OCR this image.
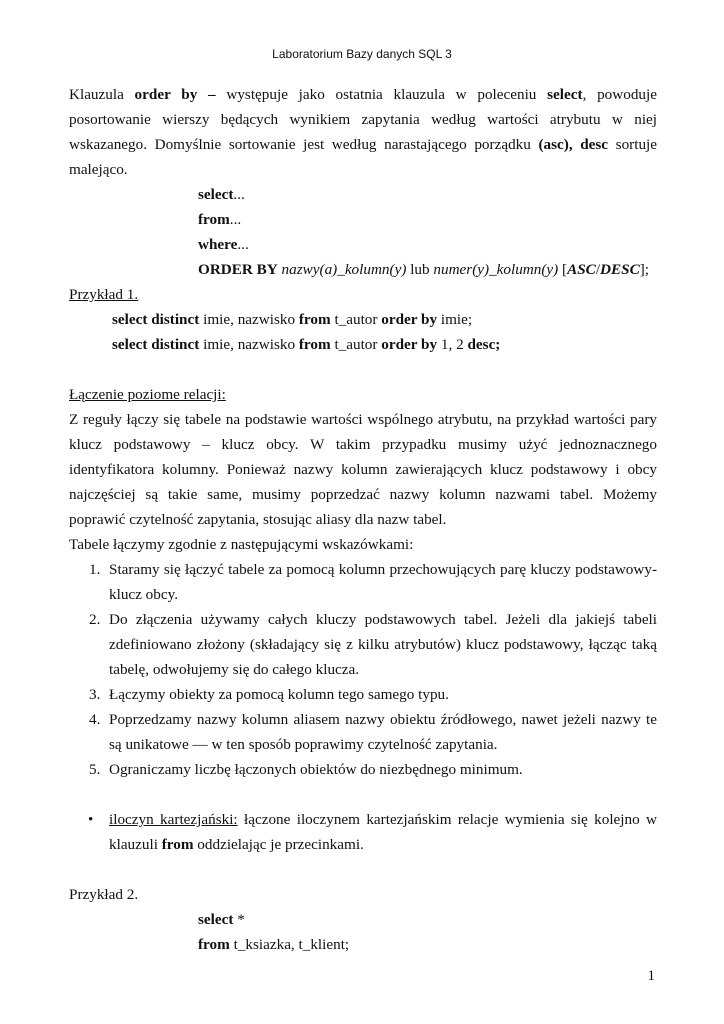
Laboratorium Bazy danych SQL 3

Klauzula order by – występuje jako ostatnia klauzula w poleceniu select, powoduje posortowanie wierszy będących wynikiem zapytania według wartości atrybutu w niej wskazanego. Domyślnie sortowanie jest według narastającego porządku (asc), desc sortuje malejąco.

select...
from...
where...
ORDER BY nazwy(a)_kolumn(y) lub numer(y)_kolumn(y) [ASC/DESC];
Przykład 1.
select distinct imie, nazwisko from t_autor order by imie;
select distinct imie, nazwisko from t_autor order by 1, 2 desc;
Łączenie poziome relacji:

Z reguły łączy się tabele na podstawie wartości wspólnego atrybutu, na przykład wartości pary klucz podstawowy – klucz obcy. W takim przypadku musimy użyć jednoznacznego identyfikatora kolumny. Ponieważ nazwy kolumn zawierających klucz podstawowy i obcy najczęściej są takie same, musimy poprzedzać nazwy kolumn nazwami tabel. Możemy poprawić czytelność zapytania, stosując aliasy dla nazw tabel.

Tabele łączymy zgodnie z następującymi wskazówkami:
1. Staramy się łączyć tabele za pomocą kolumn przechowujących parę kluczy podstawowy-klucz obcy.
2. Do złączenia używamy całych kluczy podstawowych tabel. Jeżeli dla jakiejś tabeli zdefiniowano złożony (składający się z kilku atrybutów) klucz podstawowy, łącząc taką tabelę, odwołujemy się do całego klucza.
3. Łączymy obiekty za pomocą kolumn tego samego typu.
4. Poprzedzamy nazwy kolumn aliasem nazwy obiektu źródłowego, nawet jeżeli nazwy te są unikatowe — w ten sposób poprawimy czytelność zapytania.
5. Ograniczamy liczbę łączonych obiektów do niezbędnego minimum.
• iloczyn kartezjański: łączone iloczynem kartezjańskim relacje wymienia się kolejno w klauzuli from oddzielając je przecinkami.
Przykład 2.
select *
from t_ksiazka, t_klient;
1
